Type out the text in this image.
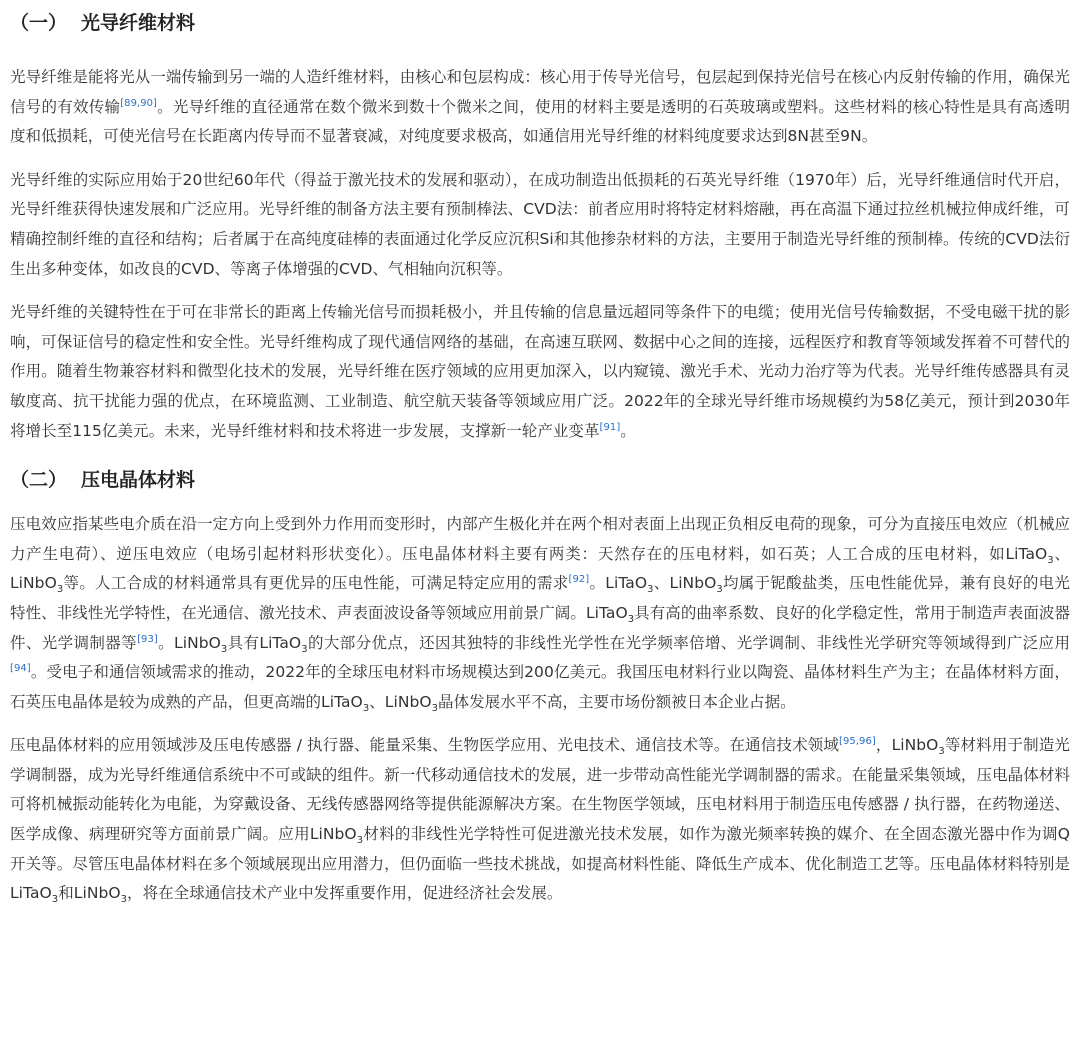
（一） 光导纤维材料

光导纤维是能将光从一端传输到另一端的人造纤维材料，由核心和包层构成：核心用于传导光信号，包层起到保持光信号在核心内反射传输的作用，确保光信号的有效传输[89,90]。光导纤维的直径通常在数个微米到数十个微米之间，使用的材料主要是透明的石英玻璃或塑料。这些材料的核心特性是具有高透明度和低损耗，可使光信号在长距离内传导而不显著衰减，对纯度要求极高，如通信用光导纤维的材料纯度要求达到8N甚至9N。

光导纤维的实际应用始于20世纪60年代（得益于激光技术的发展和驱动），在成功制造出低损耗的石英光导纤维（1970年）后，光导纤维通信时代开启，光导纤维获得快速发展和广泛应用。光导纤维的制备方法主要有预制棒法、CVD法：前者应用时将特定材料熔融，再在高温下通过拉丝机械拉伸成纤维，可精确控制纤维的直径和结构；后者属于在高纯度硅棒的表面通过化学反应沉积Si和其他掺杂材料的方法，主要用于制造光导纤维的预制棒。传统的CVD法衍生出多种变体，如改良的CVD、等离子体增强的CVD、气相轴向沉积等。

光导纤维的关键特性在于可在非常长的距离上传输光信号而损耗极小，并且传输的信息量远超同等条件下的电缆；使用光信号传输数据，不受电磁干扰的影响，可保证信号的稳定性和安全性。光导纤维构成了现代通信网络的基础，在高速互联网、数据中心之间的连接，远程医疗和教育等领域发挥着不可替代的作用。随着生物兼容材料和微型化技术的发展，光导纤维在医疗领域的应用更加深入，以内窥镜、激光手术、光动力治疗等为代表。光导纤维传感器具有灵敏度高、抗干扰能力强的优点，在环境监测、工业制造、航空航天装备等领域应用广泛。2022年的全球光导纤维市场规模约为58亿美元，预计到2030年将增长至115亿美元。未来，光导纤维材料和技术将进一步发展，支撑新一轮产业变革[91]。

（二） 压电晶体材料

压电效应指某些电介质在沿一定方向上受到外力作用而变形时，内部产生极化并在两个相对表面上出现正负相反电荷的现象，可分为直接压电效应（机械应力产生电荷）、逆压电效应（电场引起材料形状变化）。压电晶体材料主要有两类：天然存在的压电材料，如石英；人工合成的压电材料，如LiTaO$_3$、LiNbO$_3$等。人工合成的材料通常具有更优异的压电性能，可满足特定应用的需求[92]。LiTaO$_3$、LiNbO$_3$均属于铌酸盐类，压电性能优异，兼有良好的电光特性、非线性光学特性，在光通信、激光技术、声表面波设备等领域应用前景广阔。LiTaO$_3$具有高的曲率系数、良好的化学稳定性，常用于制造声表面波器件、光学调制器等[93]。LiNbO$_3$具有LiTaO$_3$的大部分优点，还因其独特的非线性光学性在光学频率倍增、光学调制、非线性光学研究等领域得到广泛应用[94]。受电子和通信领域需求的推动，2022年的全球压电材料市场规模达到200亿美元。我国压电材料行业以陶瓷、晶体材料生产为主；在晶体材料方面，石英压电晶体是较为成熟的产品，但更高端的LiTaO$_3$、LiNbO$_3$晶体发展水平不高，主要市场份额被日本企业占据。

压电晶体材料的应用领域涉及压电传感器 / 执行器、能量采集、生物医学应用、光电技术、通信技术等。在通信技术领域[95,96]，LiNbO$_3$等材料用于制造光学调制器，成为光导纤维通信系统中不可或缺的组件。新一代移动通信技术的发展，进一步带动高性能光学调制器的需求。在能量采集领域，压电晶体材料可将机械振动能转化为电能，为穿戴设备、无线传感器网络等提供能源解决方案。在生物医学领域，压电材料用于制造压电传感器 / 执行器，在药物递送、医学成像、病理研究等方面前景广阔。应用LiNbO$_3$材料的非线性光学特性可促进激光技术发展，如作为激光频率转换的媒介、在全固态激光器中作为调Q开关等。尽管压电晶体材料在多个领域展现出应用潜力，但仍面临一些技术挑战，如提高材料性能、降低生产成本、优化制造工艺等。压电晶体材料特别是LiTaO$_3$和LiNbO$_3$，将在全球通信技术产业中发挥重要作用，促进经济社会发展。
